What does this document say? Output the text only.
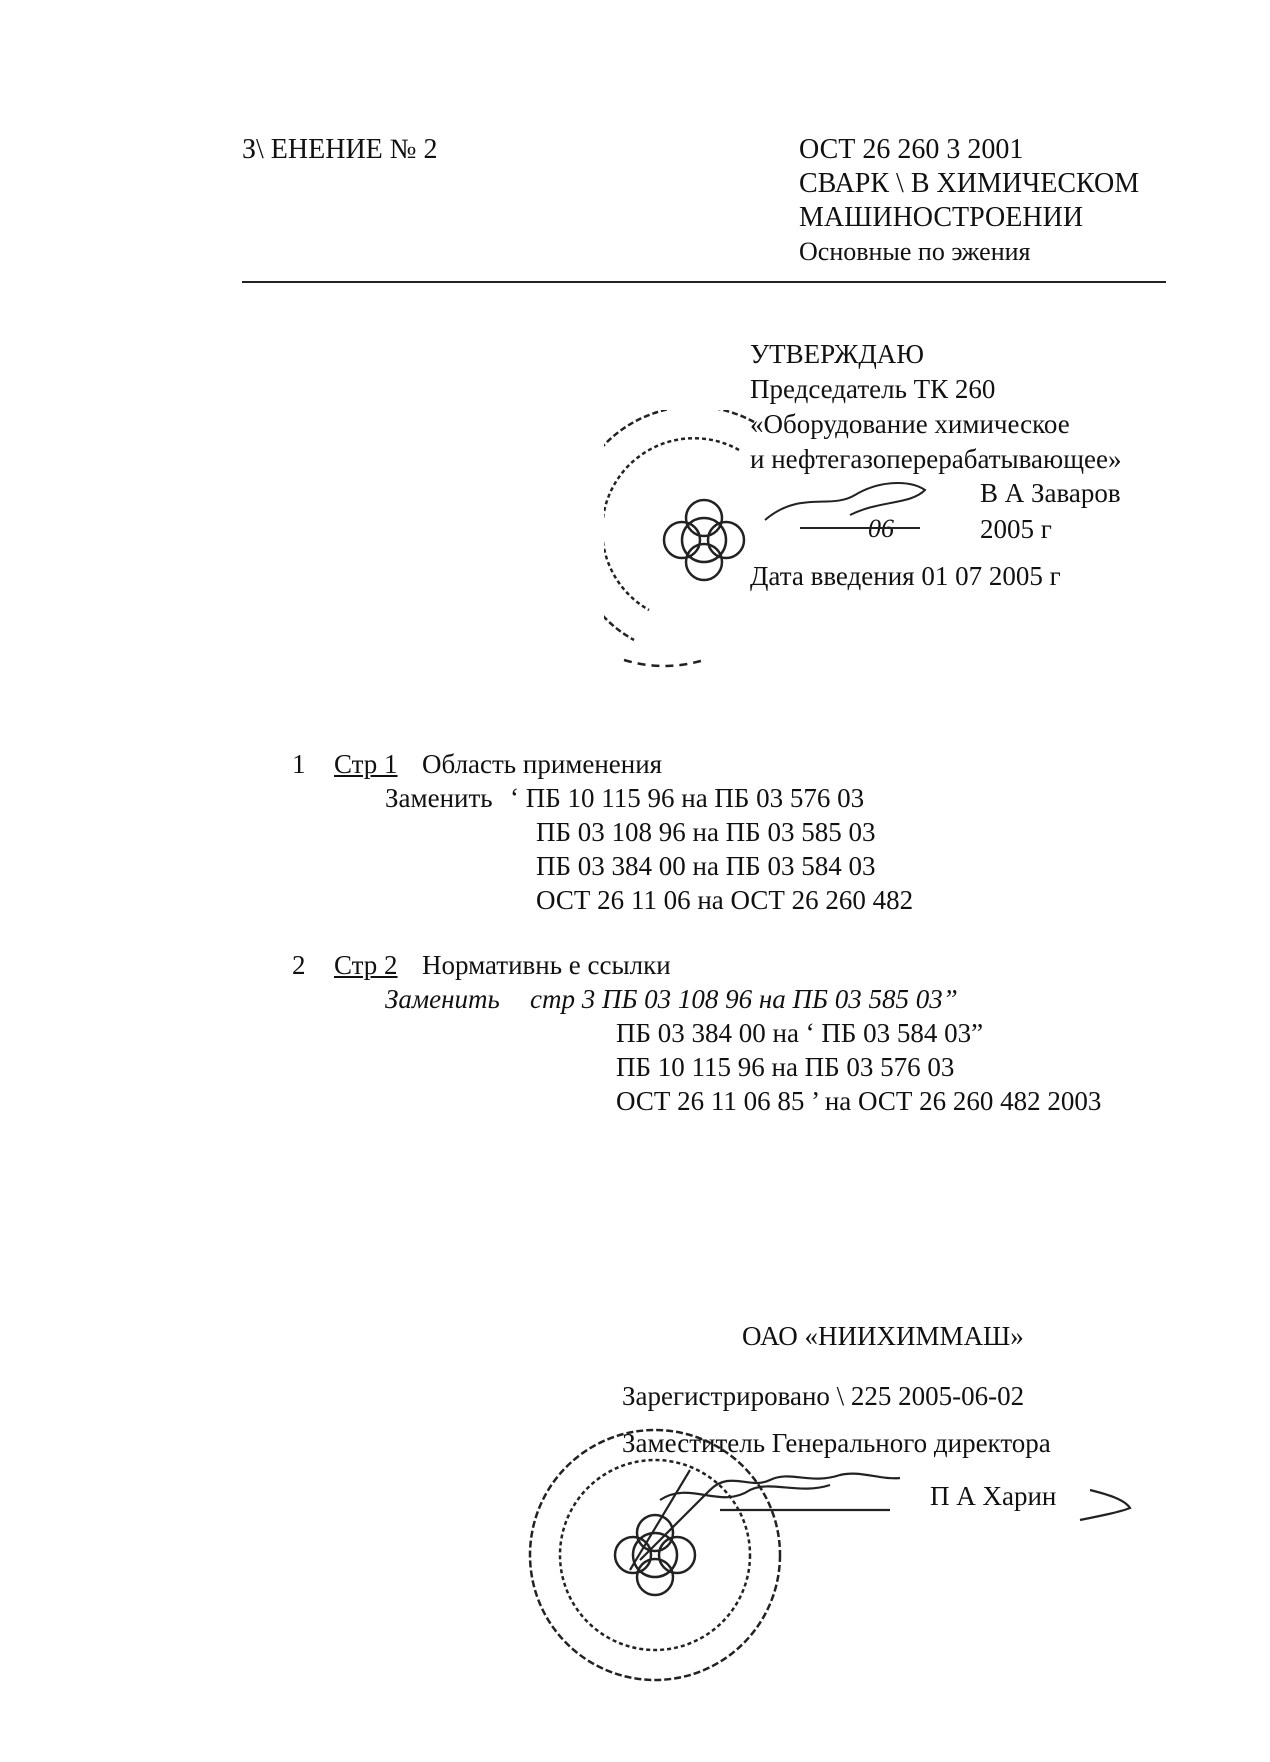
З\ ЕНЕНИЕ № 2	ОСТ 26 260 3 2001
СВАРК \ В ХИМИЧЕСКОМ
МАШИНОСТРОЕНИИ
Основные по эжения
УТВЕРЖДАЮ
Председатель ТК 260
«Оборудование химическое
и нефтегазоперерабатывающее»
В А Заваров
06	2005 г
Дата введения 01 07 2005 г
1 Стр 1 Область применения
Заменить ‘ ПБ 10 115 96 на ПБ 03 576 03
ПБ 03 108 96 на ПБ 03 585 03
ПБ 03 384 00 на ПБ 03 584 03
ОСТ 26 11 06 на ОСТ 26 260 482
2 Стр 2 Нормативнь е ссылки
Заменить стр 3 ПБ 03 108 96 на ПБ 03 585 03”
ПБ 03 384 00 на ‘ ПБ 03 584 03”
ПБ 10 115 96 на ПБ 03 576 03
ОСТ 26 11 06 85 ’ на ОСТ 26 260 482 2003
ОАО «НИИХИММАШ»
Зарегистрировано \ 225 2005-06-02
Заместитель Генерального директора
П А Харин
